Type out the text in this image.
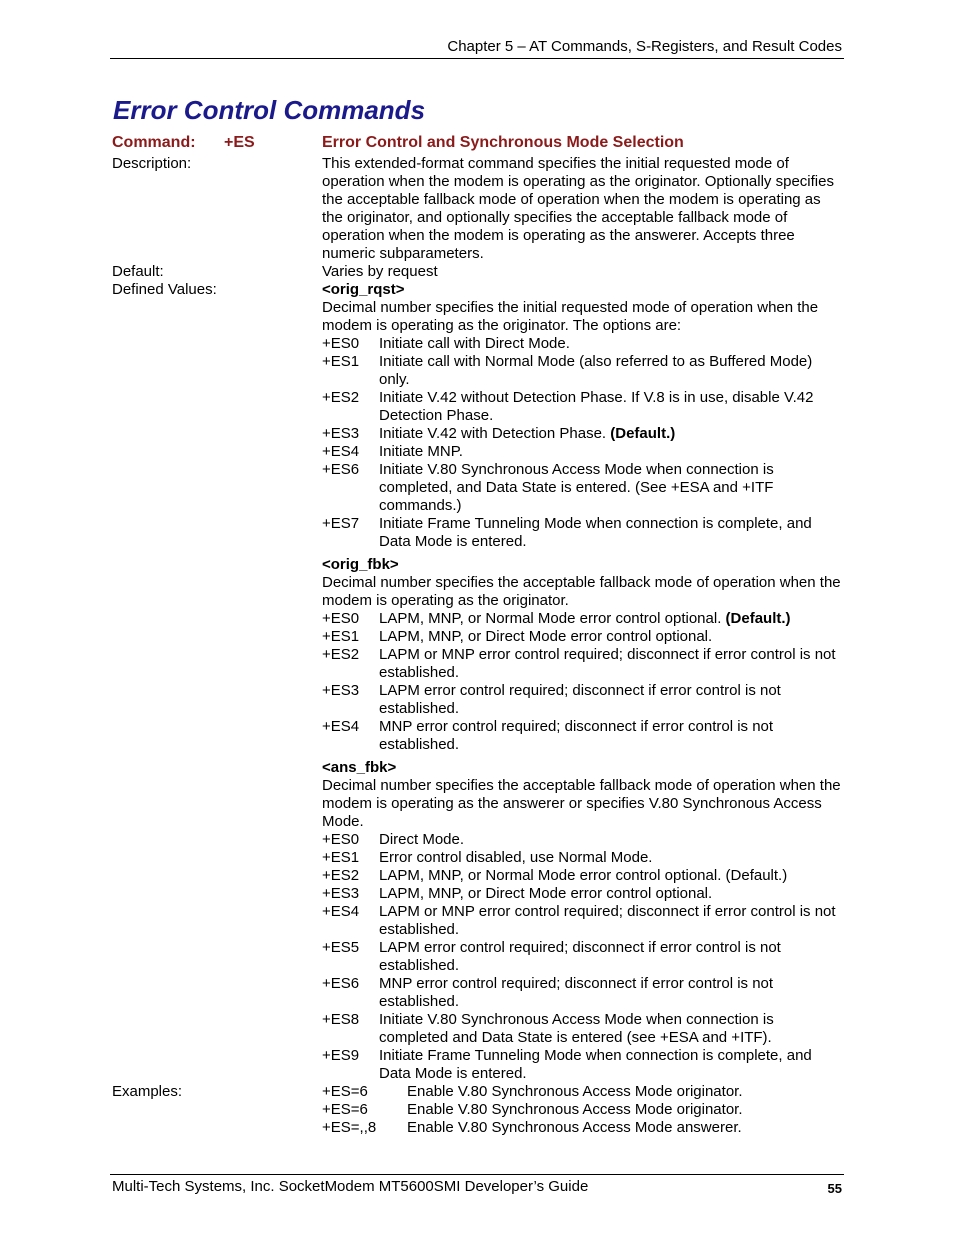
Chapter 5 – AT Commands, S-Registers, and Result Codes
Error Control Commands
Command: +ES	Error Control and Synchronous Mode Selection
Description:	This extended-format command specifies the initial requested mode of operation when the modem is operating as the originator. Optionally specifies the acceptable fallback mode of operation when the modem is operating as the originator, and optionally specifies the acceptable fallback mode of operation when the modem is operating as the answerer. Accepts three numeric subparameters.
Default:	Varies by request
Defined Values:	<orig_rqst>
Decimal number specifies the initial requested mode of operation when the modem is operating as the originator. The options are:
+ES0	Initiate call with Direct Mode.
+ES1	Initiate call with Normal Mode (also referred to as Buffered Mode) only.
+ES2	Initiate V.42 without Detection Phase. If V.8 is in use, disable V.42 Detection Phase.
+ES3	Initiate V.42 with Detection Phase. (Default.)
+ES4	Initiate MNP.
+ES6	Initiate V.80 Synchronous Access Mode when connection is completed, and Data State is entered. (See +ESA and +ITF commands.)
+ES7	Initiate Frame Tunneling Mode when connection is complete, and Data Mode is entered.
<orig_fbk>
Decimal number specifies the acceptable fallback mode of operation when the modem is operating as the originator.
+ES0	LAPM, MNP, or Normal Mode error control optional. (Default.)
+ES1	LAPM, MNP, or Direct Mode error control optional.
+ES2	LAPM or MNP error control required; disconnect if error control is not established.
+ES3	LAPM error control required; disconnect if error control is not established.
+ES4	MNP error control required; disconnect if error control is not established.
<ans_fbk>
Decimal number specifies the acceptable fallback mode of operation when the modem is operating as the answerer or specifies V.80 Synchronous Access Mode.
+ES0	Direct Mode.
+ES1	Error control disabled, use Normal Mode.
+ES2	LAPM, MNP, or Normal Mode error control optional. (Default.)
+ES3	LAPM, MNP, or Direct Mode error control optional.
+ES4	LAPM or MNP error control required; disconnect if error control is not established.
+ES5	LAPM error control required; disconnect if error control is not established.
+ES6	MNP error control required; disconnect if error control is not established.
+ES8	Initiate V.80 Synchronous Access Mode when connection is completed and Data State is entered (see +ESA and +ITF).
+ES9	Initiate Frame Tunneling Mode when connection is complete, and Data Mode is entered.
Examples:	+ES=6	Enable V.80 Synchronous Access Mode originator.
+ES=6	Enable V.80 Synchronous Access Mode originator.
+ES=,,8	Enable V.80 Synchronous Access Mode answerer.
Multi-Tech Systems, Inc. SocketModem MT5600SMI Developer’s Guide	55
